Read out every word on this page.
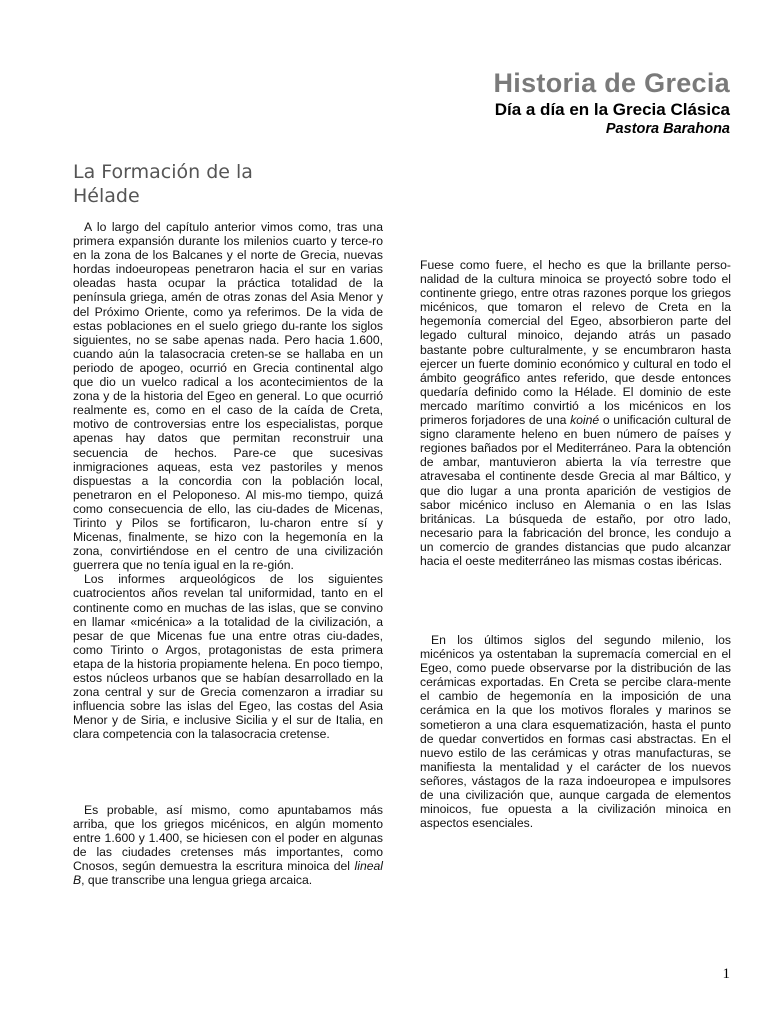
Historia de Grecia
Día a día en la Grecia Clásica
Pastora Barahona
La Formación de la
Hélade

A lo largo del capítulo anterior vimos como, tras una primera expansión durante los milenios cuarto y terce-ro en la zona de los Balcanes y el norte de Grecia, nuevas hordas indoeuropeas penetraron hacia el sur en varias oleadas hasta ocupar la práctica totalidad de la península griega, amén de otras zonas del Asia Menor y del Próximo Oriente, como ya referimos. De la vida de estas poblaciones en el suelo griego du-rante los siglos siguientes, no se sabe apenas nada. Pero hacia 1.600, cuando aún la talasocracia creten-se se hallaba en un periodo de apogeo, ocurrió en Grecia continental algo que dio un vuelco radical a los acontecimientos de la zona y de la historia del Egeo en general. Lo que ocurrió realmente es, como en el caso de la caída de Creta, motivo de controversias entre los especialistas, porque apenas hay datos que permitan reconstruir una secuencia de hechos. Pare-ce que sucesivas inmigraciones aqueas, esta vez pastoriles y menos dispuestas a la concordia con la población local, penetraron en el Peloponeso. Al mis-mo tiempo, quizá como consecuencia de ello, las ciu-dades de Micenas, Tirinto y Pilos se fortificaron, lu-charon entre sí y Micenas, finalmente, se hizo con la hegemonía en la zona, convirtiéndose en el centro de una civilización guerrera que no tenía igual en la re-gión.

Los informes arqueológicos de los siguientes cuatrocientos años revelan tal uniformidad, tanto en el continente como en muchas de las islas, que se convino en llamar «micénica» a la totalidad de la civilización, a pesar de que Micenas fue una entre otras ciu-dades, como Tirinto o Argos, protagonistas de esta primera etapa de la historia propiamente helena. En poco tiempo, estos núcleos urbanos que se habían desarrollado en la zona central y sur de Grecia comenzaron a irradiar su influencia sobre las islas del Egeo, las costas del Asia Menor y de Siria, e inclusive Sicilia y el sur de Italia, en clara competencia con la talasocracia cretense.

Es probable, así mismo, como apuntabamos más arriba, que los griegos micénicos, en algún momento entre 1.600 y 1.400, se hiciesen con el poder en algunas de las ciudades cretenses más importantes, como Cnosos, según demuestra la escritura minoica del lineal B, que transcribe una lengua griega arcaica.

Fuese como fuere, el hecho es que la brillante perso-nalidad de la cultura minoica se proyectó sobre todo el continente griego, entre otras razones porque los griegos micénicos, que tomaron el relevo de Creta en la hegemonía comercial del Egeo, absorbieron parte del legado cultural minoico, dejando atrás un pasado bastante pobre culturalmente, y se encumbraron hasta ejercer un fuerte dominio económico y cultural en todo el ámbito geográfico antes referido, que desde entonces quedaría definido como la Hélade. El dominio de este mercado marítimo convirtió a los micénicos en los primeros forjadores de una koiné o unificación cultural de signo claramente heleno en buen número de países y regiones bañados por el Mediterráneo. Para la obtención de ambar, mantuvieron abierta la vía terrestre que atravesaba el continente desde Grecia al mar Báltico, y que dio lugar a una pronta aparición de vestigios de sabor micénico incluso en Alemania o en las Islas británicas. La búsqueda de estaño, por otro lado, necesario para la fabricación del bronce, les condujo a un comercio de grandes distancias que pudo alcanzar hacia el oeste mediterráneo las mismas costas ibéricas.

En los últimos siglos del segundo milenio, los micénicos ya ostentaban la supremacía comercial en el Egeo, como puede observarse por la distribución de las cerámicas exportadas. En Creta se percibe clara-mente el cambio de hegemonía en la imposición de una cerámica en la que los motivos florales y marinos se sometieron a una clara esquematización, hasta el punto de quedar convertidos en formas casi abstractas. En el nuevo estilo de las cerámicas y otras manufacturas, se manifiesta la mentalidad y el carácter de los nuevos señores, vástagos de la raza indoeuropea e impulsores de una civilización que, aunque cargada de elementos minoicos, fue opuesta a la civilización minoica en aspectos esenciales.

1
